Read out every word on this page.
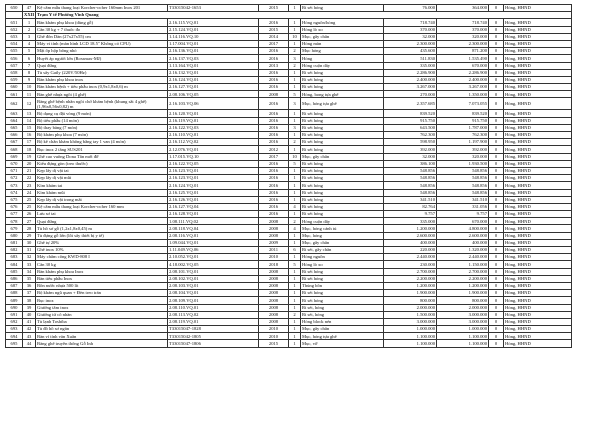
650	47	Kệ cắm mẫu thang loại Korcher-ocher 160mm Inox 201	T33015042-1653	2015	1	Rỉ sét hỏng	76.000	364.000	0	Hỏng, HHND
	XXII	Trạm Y tế Phường Vĩnh Quang								
651	1	Bàn khám phụ khoa (dùng gỗ)	2.16.115.VQ.01	2016	1	Hỏng nguồn/hỏng	718.740	718.740	0	Hỏng, HHND
652	2	Cân 30 kg + 7 thuốc đo	2.15.124.VQ.01	2015	1	Hỏng lò xo	370.000	370.000	0	Hỏng, HHND
653	3	Ghế đôn Dàn (27x27x55) cm	1.14.116.VQ.10	2014	10	Mục, gãy chân	32.000	320.000	0	Hỏng, HHND
654	4	Máy vi tính (màn hình LCD 18.5" Không có CPU)	1.17.004.VQ.01	2017	1	Hỏng màn	2.300.000	2.300.000	0	Hỏng, HHND
655	5	Mặt ốp hộp bông nhỏ	2.16.136.VQ.01	2016	2	Mục hỏng	435.600	871.200	0	Hỏng, HHND
656	6	Huyết áp người lớn (Rossmax-MJ)	2.16.137.VQ.03	2016	3	Hỏng	511.830	1.535.490	0	Hỏng, HHND
657	7	Quạt đứng	1.13.164.VQ.01	2013	2	Hỏng cuộn dây	335.000	670.000	0	Hỏng, HHND
658	8	Tủ sấy Gaily (220V/50Hz)	2.16.132.VQ.01	2016	1	Rỉ sét hỏng	2.286.900	2.286.900	0	Hỏng, HHND
659	9	Bàn khám phụ khoa inox	2.16.124.VQ.01	2016	1	Rỉ sét hỏng	2.400.000	2.400.000	0	Hỏng, HHND
660	10	Bàn khám bệnh + tiểu phẫu inox (0,9x1,8x0,6) m	2.16.127.VQ.01	2016	1	Rỉ sét hỏng	3.267.000	3.267.000	0	Hỏng, HHND
661	11	Bàn ghế nhựa ngồi (4 ghế)	2.08.106.VQ.05	2008	5	Hỏng, bong tựa ghế	270.000	1.350.000	0	Hỏng, HHND
662	12	Băng ghế bệnh nhân ngồi chờ khám bệnh (khung sắt 4 ghế) (1,96x0,56x0,82) m	2.16.103.VQ.06	2016	3	Mục, hỏng tựa ghế	2.357.685	7.073.055	0	Hỏng, HHND
663	13	Bộ dụng cụ đặt vòng (9 món)	2.16.120.VQ.01	2016	1	Rỉ sét hỏng	839.520	839.520	0	Hỏng, HHND
664	14	Bộ tiểu phẫu (14 món)	2.16.119.VQ.01	2016	1	Rỉ sét hỏng	915.750	915.750	0	Hỏng, HHND
665	15	Bộ thay băng (7 món)	2.16.122.VQ.03	2016	3	Rỉ sét hỏng	643.500	1.787.000	0	Hỏng, HHND
666	16	Bộ khám phụ khoa (7 món)	2.16.110.VQ.01	2016	1	Rỉ sét hỏng	762.300	762.300	0	Hỏng, HHND
667	17	Bộ kê chân khám không bằng tay 1 van (4 món)	2.16.112.VQ.02	2016	2	Rỉ sét hỏng	598.950	1.197.900	0	Hỏng, HHND
668	18	Bục inox 2 tầng SUS201	2.12.076.VQ.01	2012	1	Rỉ sét hỏng	392.000	392.000	0	Hỏng, HHND
669	19	Ghế cao vuông Dona Tân mới đỡ	1.17.015.VQ.10	2017	10	Mục, gãy chân	32.000	320.000	0	Hỏng, HHND
670	20	Kiểu đựng gòn (treo thước)	2.16.122.VQ.05	2016	5	Rỉ sét hỏng	386.100	1.930.500	0	Hỏng, HHND
671	21	Kẹp lấy dị vật tai	2.16.123.VQ.01	2016	1	Rỉ sét hỏng	548.856	548.856	0	Hỏng, HHND
672	22	Kẹp lấy dị vật mũi	2.16.123.VQ.01	2016	1	Rỉ sét hỏng	548.856	548.856	0	Hỏng, HHND
673	23	Kìm khám tai	2.16.124.VQ.01	2016	1	Rỉ sét hỏng	548.856	548.856	0	Hỏng, HHND
674	24	Kìm khám mũi	2.16.125.VQ.01	2016	1	Rỉ sét hỏng	548.856	548.856	0	Hỏng, HHND
675	25	Kẹp lấy dị vật trong mắt	2.16.126.VQ.01	2016	1	Rỉ sét hỏng	341.510	341.510	0	Hỏng, HHND
676	25	Kệ cắm mẫu thang loại Korcher-ocher 160 mm	2.16.127.VQ.04	2016	4	Rỉ sét hỏng	82.764	331.056	0	Hỏng, HHND
677	26	Lưu sơ tai	2.16.128.VQ.01	2016	1	Rỉ sét hỏng	9.757	9.757	0	Hỏng, HHND
678	27	Quạt đứng	1.08.111.VQ.02	2008	2	Hỏng cuộn dây	335.000	670.000	0	Hỏng, HHND
679	28	Tủ hồ sơ gỗ (1,2x1,8x0,45) m	2.08.118.VQ.04	2008	4	Mục, hỏng cánh tủ	1.200.000	4.800.000	0	Hỏng, HHND
680	29	Tủ đựng gỗ lớn (lõi sấy thiết bị y tế)	2.08.116.VQ.01	2008	1	Mục, hỏng	2.600.000	2.600.000	0	Hỏng, HHND
681	30	Ghế tự 20%	1.09.044.VQ.01	2009	1	Mục, gãy chân	400.000	400.000	0	Hỏng, HHND
682	31	Ghế inox 10%	1.11.049.VQ.06	2011	6	Rỉ sét, gãy chân	220.000	1.320.000	0	Hỏng, HHND
683	32	Máy chấm công KWD-808 I	2.10.052.VQ.01	2010	1	Hỏng nguồn	2.440.000	2.440.000	0	Hỏng, HHND
684	33	Cân 30 kg	4.18.002.VQ.05	2018	5	Hỏng lò xo	230.000	1.150.000	0	Hỏng, HHND
685	34	Bàn khám phụ khoa Inox	2.08.101.VQ.01	2008	1	Rỉ sét hỏng	2.700.000	2.700.000	0	Hỏng, HHND
686	35	Bàn tiểu phẫu Inox	2.08.102.VQ.01	2008	1	Rỉ sét hỏng	2.200.000	2.200.000	0	Hỏng, HHND
687	36	Bồn nước nhựa 500 lít	2.08.103.VQ.01	2008	1	Thủng bồn	1.200.000	1.200.000	0	Hỏng, HHND
688	37	Bộ khám ngũ quan + Đèn treo trán	2.08.104.VQ.01	2008	1	Rỉ sét hỏng	1.900.000	1.900.000	0	Hỏng, HHND
689	38	Bục inox	2.08.109.VQ.01	2008	1	Rỉ sét hỏng	800.000	800.000	0	Hỏng, HHND
690	39	Giường tắm inox	2.08.110.VQ.01	2008	1	Rỉ sét, hỏng	2.000.000	2.000.000	0	Hỏng, HHND
691	40	Giường tử cô nhàn	2.08.113.VQ.02	2008	2	Rỉ sét, hỏng	1.500.000	3.000.000	0	Hỏng, HHND
692	41	Tủ lạnh Toshiba	2.08.119.VQ.01	2008	1	Hỏng block nén	3.000.000	3.000.000	0	Hỏng, HHND
693	42	Tủ đồ hồ sơ ngăn	T33015047-1828	2010	1	Mục, gãy chân	1.000.000	1.000.000	0	Hỏng, HHND
694	43	Bàn ví tính văn Xuân	T33015042-1805	2010	1	Mục, hỏng tựa ghế	1.100.000	1.100.000	0	Hỏng, HHND
695	44	Băng ghế truyền thống Gỗ Inh	T33015047-1806	2015	1	Mục, vỡ	1.100.000	1.100.000	0	Hỏng, HHND
